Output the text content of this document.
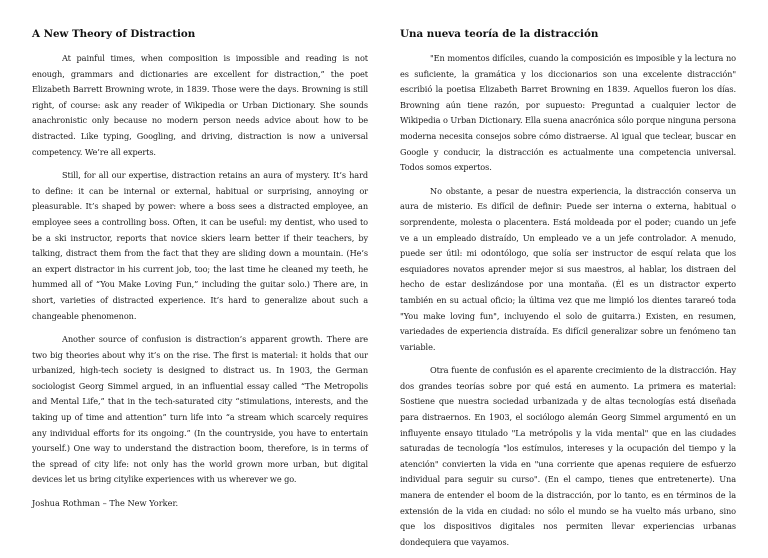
A New Theory of Distraction

At painful times, when composition is impossible and reading is not enough, grammars and dictionaries are excellent for distraction,” the poet Elizabeth Barrett Browning wrote, in 1839. Those were the days. Browning is still right, of course: ask any reader of Wikipedia or Urban Dictionary. She sounds anachronistic only because no modern person needs advice about how to be distracted. Like typing, Googling, and driving, distraction is now a universal competency. We’re all experts.

Still, for all our expertise, distraction retains an aura of mystery. It’s hard to define: it can be internal or external, habitual or surprising, annoying or pleasurable. It’s shaped by power: where a boss sees a distracted employee, an employee sees a controlling boss. Often, it can be useful: my dentist, who used to be a ski instructor, reports that novice skiers learn better if their teachers, by talking, distract them from the fact that they are sliding down a mountain. (He’s an expert distractor in his current job, too; the last time he cleaned my teeth, he hummed all of “You Make Loving Fun,” including the guitar solo.) There are, in short, varieties of distracted experience. It’s hard to generalize about such a changeable phenomenon.

Another source of confusion is distraction’s apparent growth. There are two big theories about why it’s on the rise. The first is material: it holds that our urbanized, high-tech society is designed to distract us. In 1903, the German sociologist Georg Simmel argued, in an influential essay called “The Metropolis and Mental Life,” that in the tech-saturated city “stimulations, interests, and the taking up of time and attention” turn life into “a stream which scarcely requires any individual efforts for its ongoing.” (In the countryside, you have to entertain yourself.) One way to understand the distraction boom, therefore, is in terms of the spread of city life: not only has the world grown more urban, but digital devices let us bring citylike experiences with us wherever we go.

Joshua Rothman – The New Yorker.

Una nueva teoría de la distracción

"En momentos difíciles, cuando la composición es imposible y la lectura no es suficiente, la gramática y los diccionarios son una excelente distracción" escribió la poetisa Elizabeth Barret Browning en 1839. Aquellos fueron los días. Browning aún tiene razón, por supuesto: Preguntad a cualquier lector de Wikipedia o Urban Dictionary. Ella suena anacrónica sólo porque ninguna persona moderna necesita consejos sobre cómo distraerse. Al igual que teclear, buscar en Google y conducir, la distracción es actualmente una competencia universal. Todos somos expertos.

No obstante, a pesar de nuestra experiencia, la distracción conserva un aura de misterio. Es difícil de definir: Puede ser interna o externa, habitual o sorprendente, molesta o placentera. Está moldeada por el poder; cuando un jefe ve a un empleado distraído, Un empleado ve a un jefe controlador. A menudo, puede ser útil: mi odontólogo, que solía ser instructor de esquí relata que los esquiadores novatos aprender mejor si sus maestros, al hablar, los distraen del hecho de estar deslizándose por una montaña. (Él es un distractor experto también en su actual oficio; la última vez que me limpió los dientes tarareó toda "You make loving fun", incluyendo el solo de guitarra.) Existen, en resumen, variedades de experiencia distraída. Es difícil generalizar sobre un fenómeno tan variable.

Otra fuente de confusión es el aparente crecimiento de la distracción. Hay dos grandes teorías sobre por qué está en aumento. La primera es material: Sostiene que nuestra sociedad urbanizada y de altas tecnologías está diseñada para distraernos. En 1903, el sociólogo alemán Georg Simmel argumentó en un influyente ensayo titulado "La metrópolis y la vida mental" que en las ciudades saturadas de tecnología "los estímulos, intereses y la ocupación del tiempo y la atención" convierten la vida en "una corriente que apenas requiere de esfuerzo individual para seguir su curso". (En el campo, tienes que entretenerte). Una manera de entender el boom de la distracción, por lo tanto, es en términos de la extensión de la vida en ciudad: no sólo el mundo se ha vuelto más urbano, sino que los dispositivos digitales nos permiten llevar experiencias urbanas dondequiera que vayamos.
